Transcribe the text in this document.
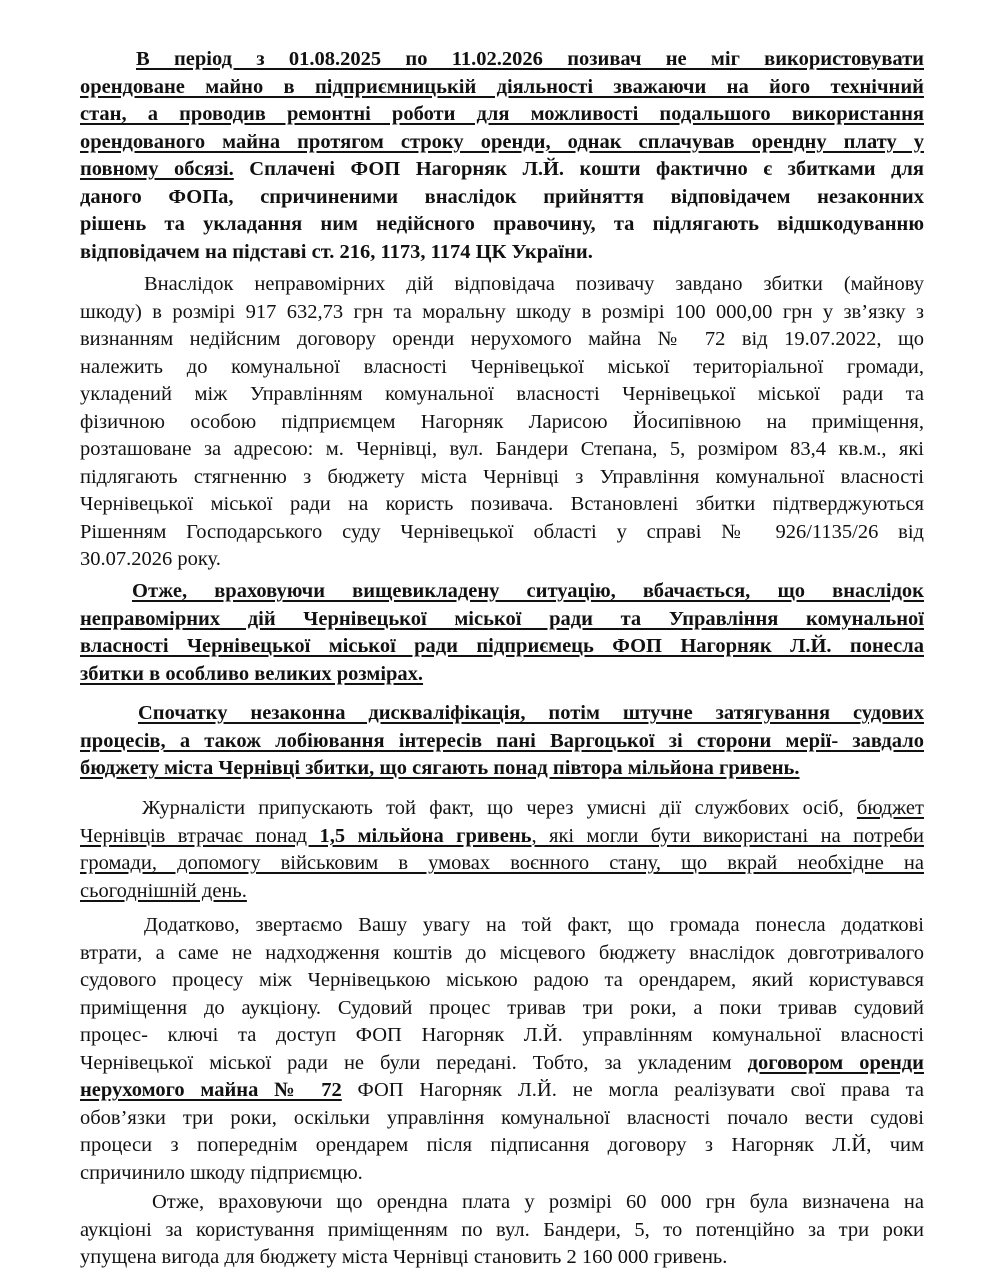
В період з 01.08.2025 по 11.02.2026 позивач не міг використовувати
орендоване майно в підприємницькій діяльності зважаючи на його технічний
стан, а проводив ремонтні роботи для можливості подальшого використання
орендованого майна протягом строку оренди, однак сплачував орендну плату у
повному обсязі. Сплачені ФОП Нагорняк Л.Й. кошти фактично є збитками для
даного ФОПа, спричиненими внаслідок прийняття відповідачем незаконних
рішень та укладання ним недійсного правочину, та підлягають відшкодуванню
відповідачем на підставі ст. 216, 1173, 1174 ЦК України.
Внаслідок неправомірних дій відповідача позивачу завдано збитки (майнову
шкоду) в розмірі 917 632,73 грн та моральну шкоду в розмірі 100 000,00 грн у зв’язку з
визнанням недійсним договору оренди нерухомого майна № 72 від 19.07.2022, що
належить до комунальної власності Чернівецької міської територіальної громади,
укладений між Управлінням комунальної власності Чернівецької міської ради та
фізичною особою підприємцем Нагорняк Ларисою Йосипівною на приміщення,
розташоване за адресою: м. Чернівці, вул. Бандери Степана, 5, розміром 83,4 кв.м., які
підлягають стягненню з бюджету міста Чернівці з Управління комунальної власності
Чернівецької міської ради на користь позивача. Встановлені збитки підтверджуються
Рішенням Господарського суду Чернівецької області у справі № 926/1135/26 від
30.07.2026 року.
Отже, враховуючи вищевикладену ситуацію, вбачається, що внаслідок
неправомірних дій Чернівецької міської ради та Управління комунальної
власності Чернівецької міської ради підприємець ФОП Нагорняк Л.Й. понесла
збитки в особливо великих розмірах.
Спочатку незаконна дискваліфікація, потім штучне затягування судових
процесів, а також лобіювання інтересів пані Варгоцької зі сторони мерії- завдало
бюджету міста Чернівці збитки, що сягають понад півтора мільйона гривень.
Журналісти припускають той факт, що через умисні дії службових осіб, бюджет
Чернівців втрачає понад 1,5 мільйона гривень, які могли бути використані на потреби
громади, допомогу військовим в умовах воєнного стану, що вкрай необхідне на
сьогоднішній день.
Додатково, звертаємо Вашу увагу на той факт, що громада понесла додаткові
втрати, а саме не надходження коштів до місцевого бюджету внаслідок довготривалого
судового процесу між Чернівецькою міською радою та орендарем, який користувався
приміщення до аукціону. Судовий процес тривав три роки, а поки тривав судовий
процес- ключі та доступ ФОП Нагорняк Л.Й. управлінням комунальної власності
Чернівецької міської ради не були передані. Тобто, за укладеним договором оренди
нерухомого майна № 72 ФОП Нагорняк Л.Й. не могла реалізувати свої права та
обов’язки три роки, оскільки управління комунальної власності почало вести судові
процеси з попереднім орендарем після підписання договору з Нагорняк Л.Й, чим
спричинило шкоду підприємцю.
Отже, враховуючи що орендна плата у розмірі 60 000 грн була визначена на
аукціоні за користування приміщенням по вул. Бандери, 5, то потенційно за три роки
упущена вигода для бюджету міста Чернівці становить 2 160 000 гривень.
